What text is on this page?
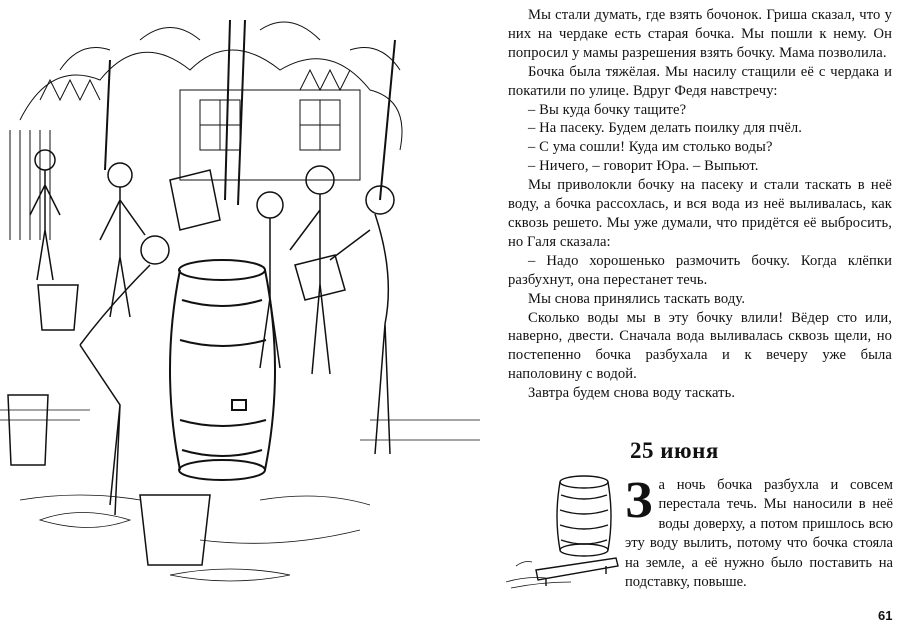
Мы стали думать, где взять бочонок. Гриша сказал, что у них на чердаке есть старая бочка. Мы пошли к нему. Он попросил у мамы разрешения взять бочку. Мама позволила.

Бочка была тяжёлая. Мы насилу стащили её с чердака и покатили по улице. Вдруг Федя навстречу:

– Вы куда бочку тащите?

– На пасеку. Будем делать поилку для пчёл.

– С ума сошли! Куда им столько воды?

– Ничего, – говорит Юра. – Выпьют.

Мы приволокли бочку на пасеку и стали таскать в неё воду, а бочка рассохлась, и вся вода из неё выливалась, как сквозь решето. Мы уже думали, что придётся её выбросить, но Галя сказала:

– Надо хорошенько размочить бочку. Когда клёпки разбухнут, она перестанет течь.

Мы снова принялись таскать воду.

Сколько воды мы в эту бочку влили! Вёдер сто или, наверно, двести. Сначала вода выливалась сквозь щели, но постепенно бочка разбухала и к вечеру уже была наполовину с водой.

Завтра будем снова воду таскать.

25 июня
З а ночь бочка разбухла и совсем перестала течь. Мы наносили в неё воды доверху, а потом пришлось всю эту воду вылить, потому что бочка стояла на земле, а её нужно было поставить на подставку, повыше.
61
